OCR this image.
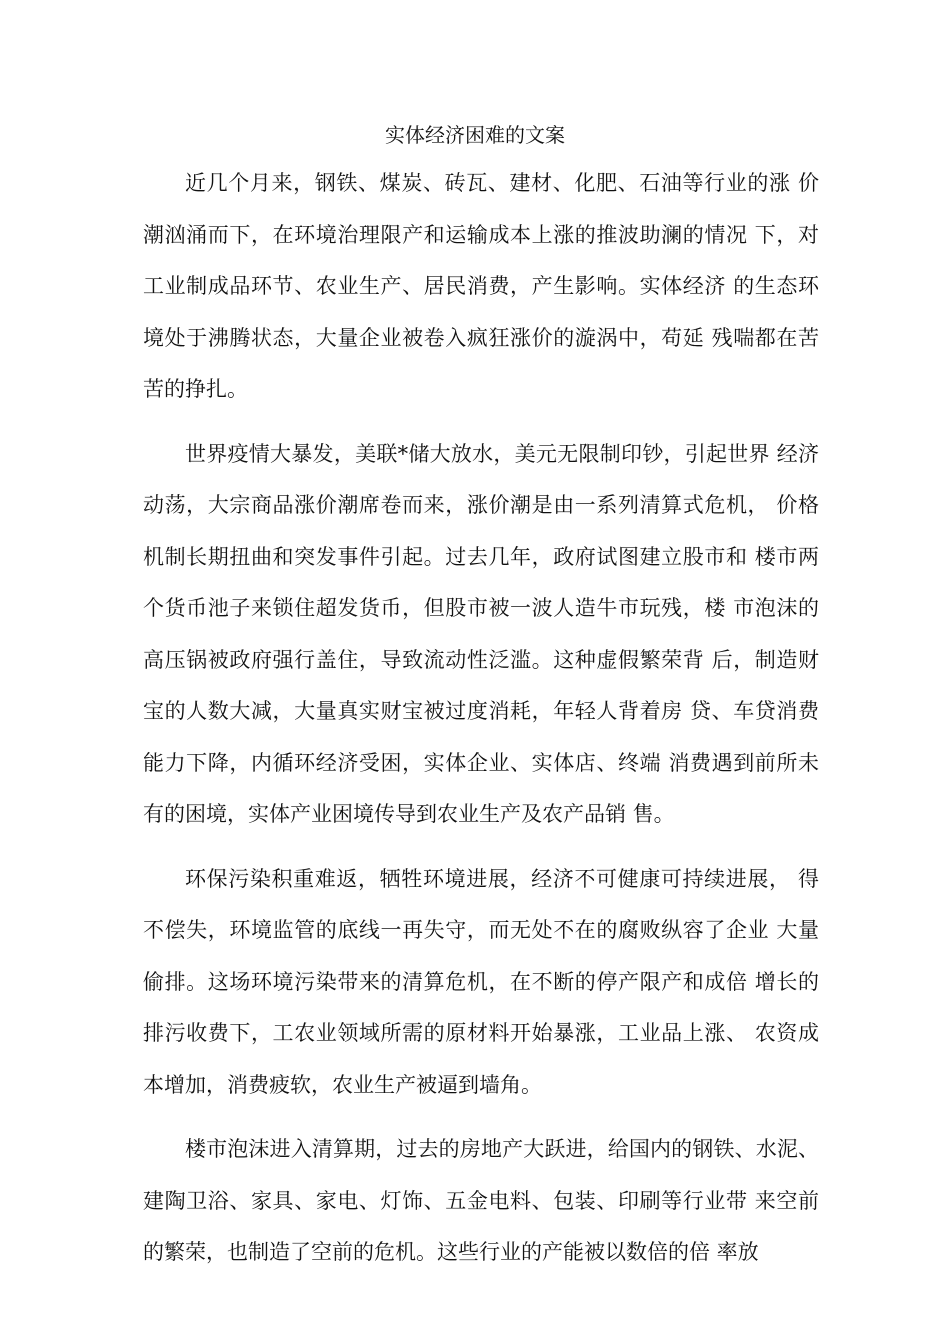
实体经济困难的文案

近几个月来，钢铁、煤炭、砖瓦、建材、化肥、石油等行业的涨 价潮汹涌而下，在环境治理限产和运输成本上涨的推波助澜的情况 下，对工业制成品环节、农业生产、居民消费，产生影响。实体经济 的生态环境处于沸腾状态，大量企业被卷入疯狂涨价的漩涡中，苟延 残喘都在苦苦的挣扎。

世界疫情大暴发，美联*储大放水，美元无限制印钞，引起世界 经济动荡，大宗商品涨价潮席卷而来，涨价潮是由一系列清算式危机， 价格机制长期扭曲和突发事件引起。过去几年，政府试图建立股市和 楼市两个货币池子来锁住超发货币，但股市被一波人造牛市玩残，楼 市泡沫的高压锅被政府强行盖住，导致流动性泛滥。这种虚假繁荣背 后，制造财宝的人数大减，大量真实财宝被过度消耗，年轻人背着房 贷、车贷消费能力下降，内循环经济受困，实体企业、实体店、终端 消费遇到前所未有的困境，实体产业困境传导到农业生产及农产品销 售。

环保污染积重难返，牺牲环境进展，经济不可健康可持续进展， 得不偿失，环境监管的底线一再失守，而无处不在的腐败纵容了企业 大量偷排。这场环境污染带来的清算危机，在不断的停产限产和成倍 增长的排污收费下，工农业领域所需的原材料开始暴涨，工业品上涨、 农资成本增加，消费疲软，农业生产被逼到墙角。

楼市泡沫进入清算期，过去的房地产大跃进，给国内的钢铁、水泥、建陶卫浴、家具、家电、灯饰、五金电料、包装、印刷等行业带 来空前的繁荣，也制造了空前的危机。这些行业的产能被以数倍的倍 率放
